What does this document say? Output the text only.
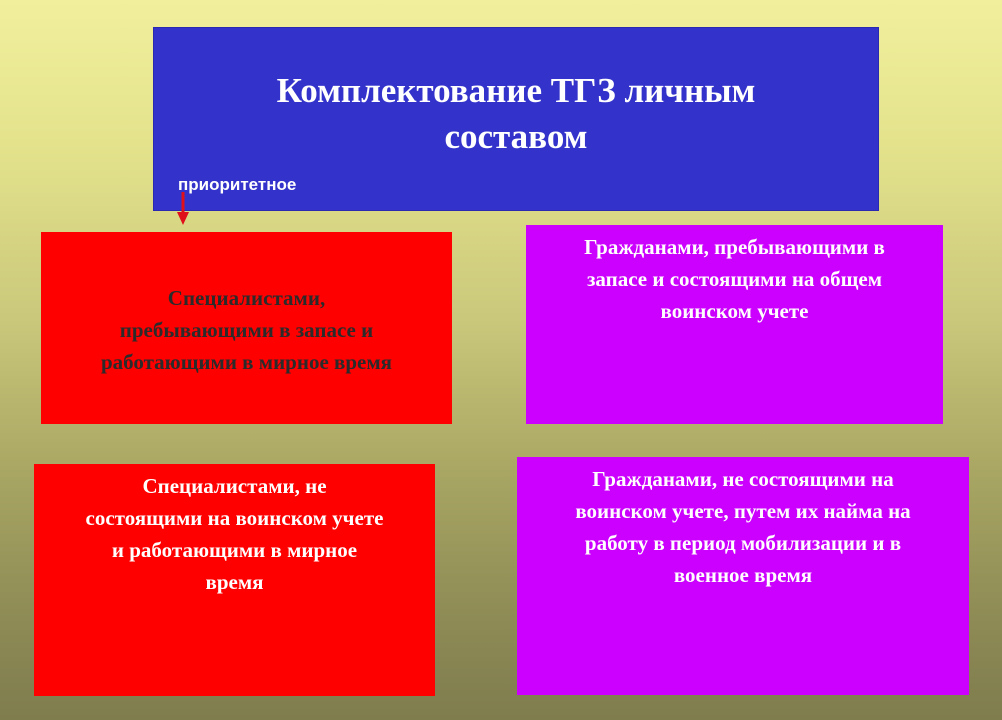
Комплектование ТГЗ личным
составом
приоритетное
Специалистами,
пребывающими в запасе и
работающими в мирное время
Гражданами, пребывающими в
запасе и состоящими на общем
воинском учете
Специалистами, не
состоящими на воинском учете
и работающими в мирное
время
Гражданами, не состоящими на
воинском учете, путем их найма на
работу в период мобилизации и в
военное время
